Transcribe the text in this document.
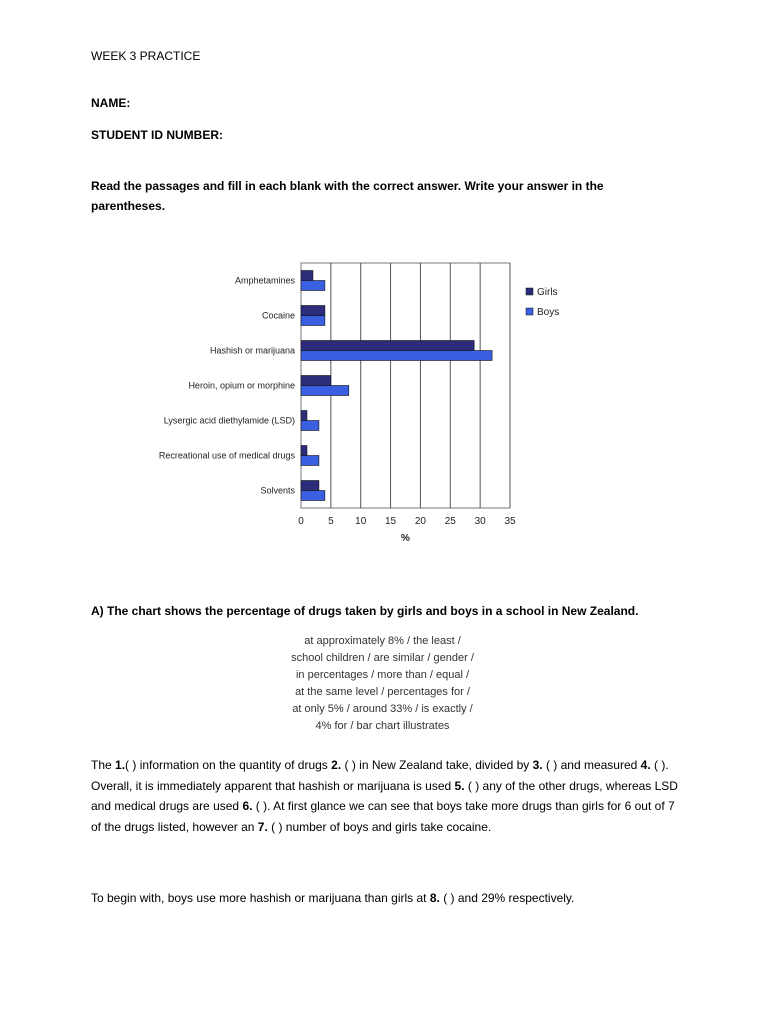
WEEK 3 PRACTICE
NAME:
STUDENT ID NUMBER:
Read the passages and fill in each blank with the correct answer. Write your answer in the parentheses.
Amphetamines
Cocaine
Hashish or marijuana
Heroin, opium or morphine
Lysergic acid diethylamide (LSD)
Recreational use of medical drugs
Solvents
0 5 10 15 20 25 30 35
%
Girls
Boys
A) The chart shows the percentage of drugs taken by girls and boys in a school in New Zealand.
at approximately 8% / the least /
school children / are similar / gender /
in percentages / more than / equal /
at the same level / percentages for /
at only 5% / around 33% / is exactly /
4% for / bar chart illustrates
The 1.( ) information on the quantity of drugs 2. ( ) in New Zealand take, divided by 3. ( ) and measured 4. ( ). Overall, it is immediately apparent that hashish or marijuana is used 5. ( ) any of the other drugs, whereas LSD and medical drugs are used 6. ( ). At first glance we can see that boys take more drugs than girls for 6 out of 7 of the drugs listed, however an 7. ( ) number of boys and girls take cocaine.
To begin with, boys use more hashish or marijuana than girls at 8. ( ) and 29% respectively.
